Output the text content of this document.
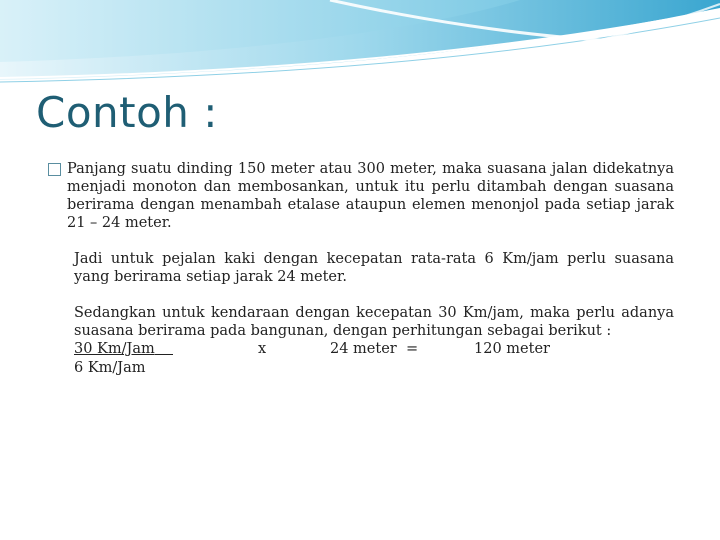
Contoh :
Panjang suatu dinding 150 meter atau 300 meter, maka suasana jalan didekatnya menjadi monoton dan membosankan, untuk itu perlu ditambah dengan suasana berirama dengan menambah etalase ataupun elemen menonjol pada setiap jarak 21 – 24 meter.
Jadi untuk pejalan kaki dengan kecepatan rata-rata 6 Km/jam perlu suasana yang berirama setiap jarak 24 meter.
Sedangkan untuk kendaraan dengan kecepatan 30 Km/jam, maka perlu adanya suasana berirama pada bangunan, dengan perhitungan sebagai berikut :
30 Km/Jam	x	24 meter =	120 meter
6 Km/Jam
